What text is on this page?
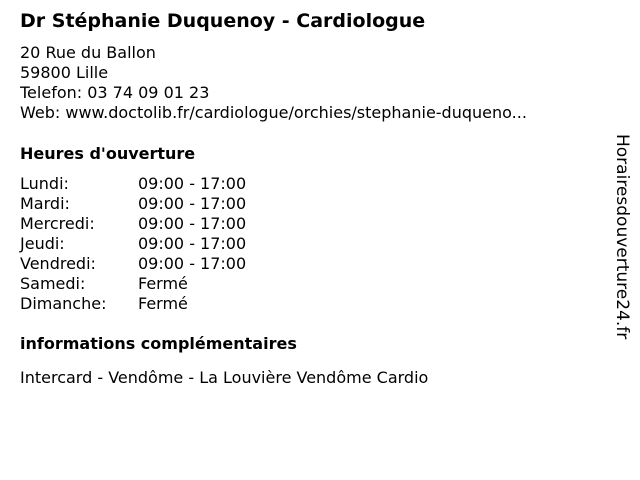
Dr Stéphanie Duquenoy - Cardiologue
20 Rue du Ballon
59800 Lille
Telefon: 03 74 09 01 23
Web: www.doctolib.fr/cardiologue/orchies/stephanie-duqueno...
Heures d'ouverture
Lundi:	09:00 - 17:00
Mardi:	09:00 - 17:00
Mercredi:	09:00 - 17:00
Jeudi:	09:00 - 17:00
Vendredi:	09:00 - 17:00
Samedi:	Fermé
Dimanche:	Fermé
informations complémentaires
Intercard - Vendôme - La Louvière Vendôme Cardio
Horairesdouverture24.fr
